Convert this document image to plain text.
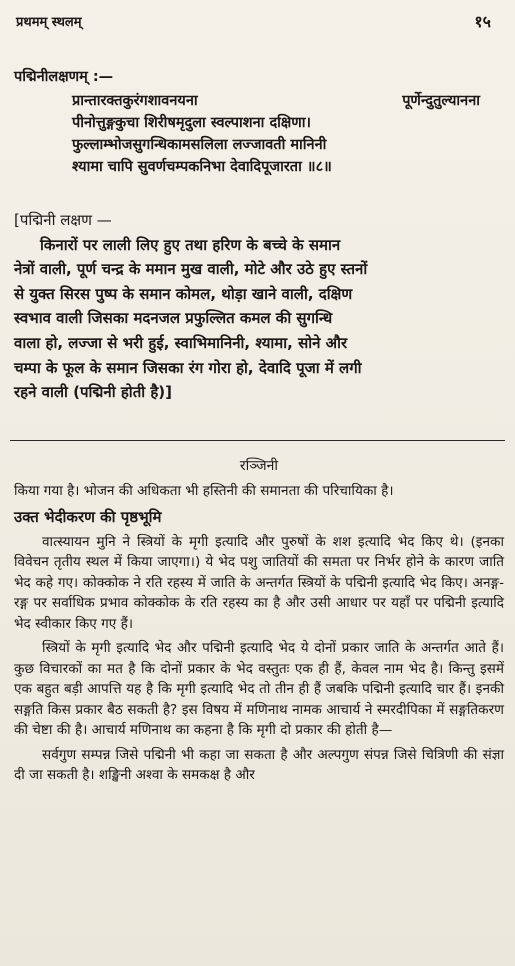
प्रथमम् स्थलम्	१५

पद्मिनीलक्षणम् :—

प्रान्तारक्तकुरंगशावनयना	पूर्णेन्दुतुल्यानना

पीनोत्तुङ्गकुचा शिरीषमृदुला स्वल्पाशना दक्षिणा।

फुल्लाम्भोजसुगन्धिकामसलिला लज्जावती मानिनी

श्यामा चापि सुवर्णचम्पकनिभा देवादिपूजारता ॥८॥

[पद्मिनी लक्षण —

किनारों पर लाली लिए हुए तथा हरिण के बच्चे के समान

नेत्रों वाली, पूर्ण चन्द्र के ममान मुख वाली, मोटे और उठे हुए स्तनों

से युक्त सिरस पुष्प के समान कोमल, थोड़ा खाने वाली, दक्षिण

स्वभाव वाली जिसका मदनजल प्रफुल्लित कमल की सुगन्धि

वाला हो, लज्जा से भरी हुई, स्वाभिमानिनी, श्यामा, सोने और

चम्पा के फूल के समान जिसका रंग गोरा हो, देवादि पूजा में लगी

रहने वाली (पद्मिनी होती है)]

रञ्जिनी

किया गया है। भोजन की अधिकता भी हस्तिनी की समानता की परिचायिका है।

उक्त भेदीकरण की पृष्ठभूमि

वात्स्यायन मुनि ने स्त्रियों के मृगी इत्यादि और पुरुषों के शश इत्यादि भेद किए थे। (इनका विवेचन तृतीय स्थल में किया जाएगा।) ये भेद पशु जातियों की समता पर निर्भर होने के कारण जाति भेद कहे गए। कोक्कोक ने रति रहस्य में जाति के अन्तर्गत स्त्रियों के पद्मिनी इत्यादि भेद किए। अनङ्ग-रङ्ग पर सर्वाधिक प्रभाव कोक्कोक के रति रहस्य का है और उसी आधार पर यहाँ पर पद्मिनी इत्यादि भेद स्वीकार किए गए हैं।

स्त्रियों के मृगी इत्यादि भेद और पद्मिनी इत्यादि भेद ये दोनों प्रकार जाति के अन्तर्गत आते हैं। कुछ विचारकों का मत है कि दोनों प्रकार के भेद वस्तुतः एक ही हैं, केवल नाम भेद है। किन्तु इसमें एक बहुत बड़ी आपत्ति यह है कि मृगी इत्यादि भेद तो तीन ही हैं जबकि पद्मिनी इत्यादि चार हैं। इनकी सङ्गति किस प्रकार बैठ सकती है? इस विषय में मणिनाथ नामक आचार्य ने स्मरदीपिका में सङ्गतिकरण की चेष्टा की है। आचार्य मणिनाथ का कहना है कि मृगी दो प्रकार की होती है—

सर्वगुण सम्पन्न जिसे पद्मिनी भी कहा जा सकता है और अल्पगुण संपन्न जिसे चित्रिणी की संज्ञा दी जा सकती है। शङ्खिनी अश्वा के समकक्ष है और
